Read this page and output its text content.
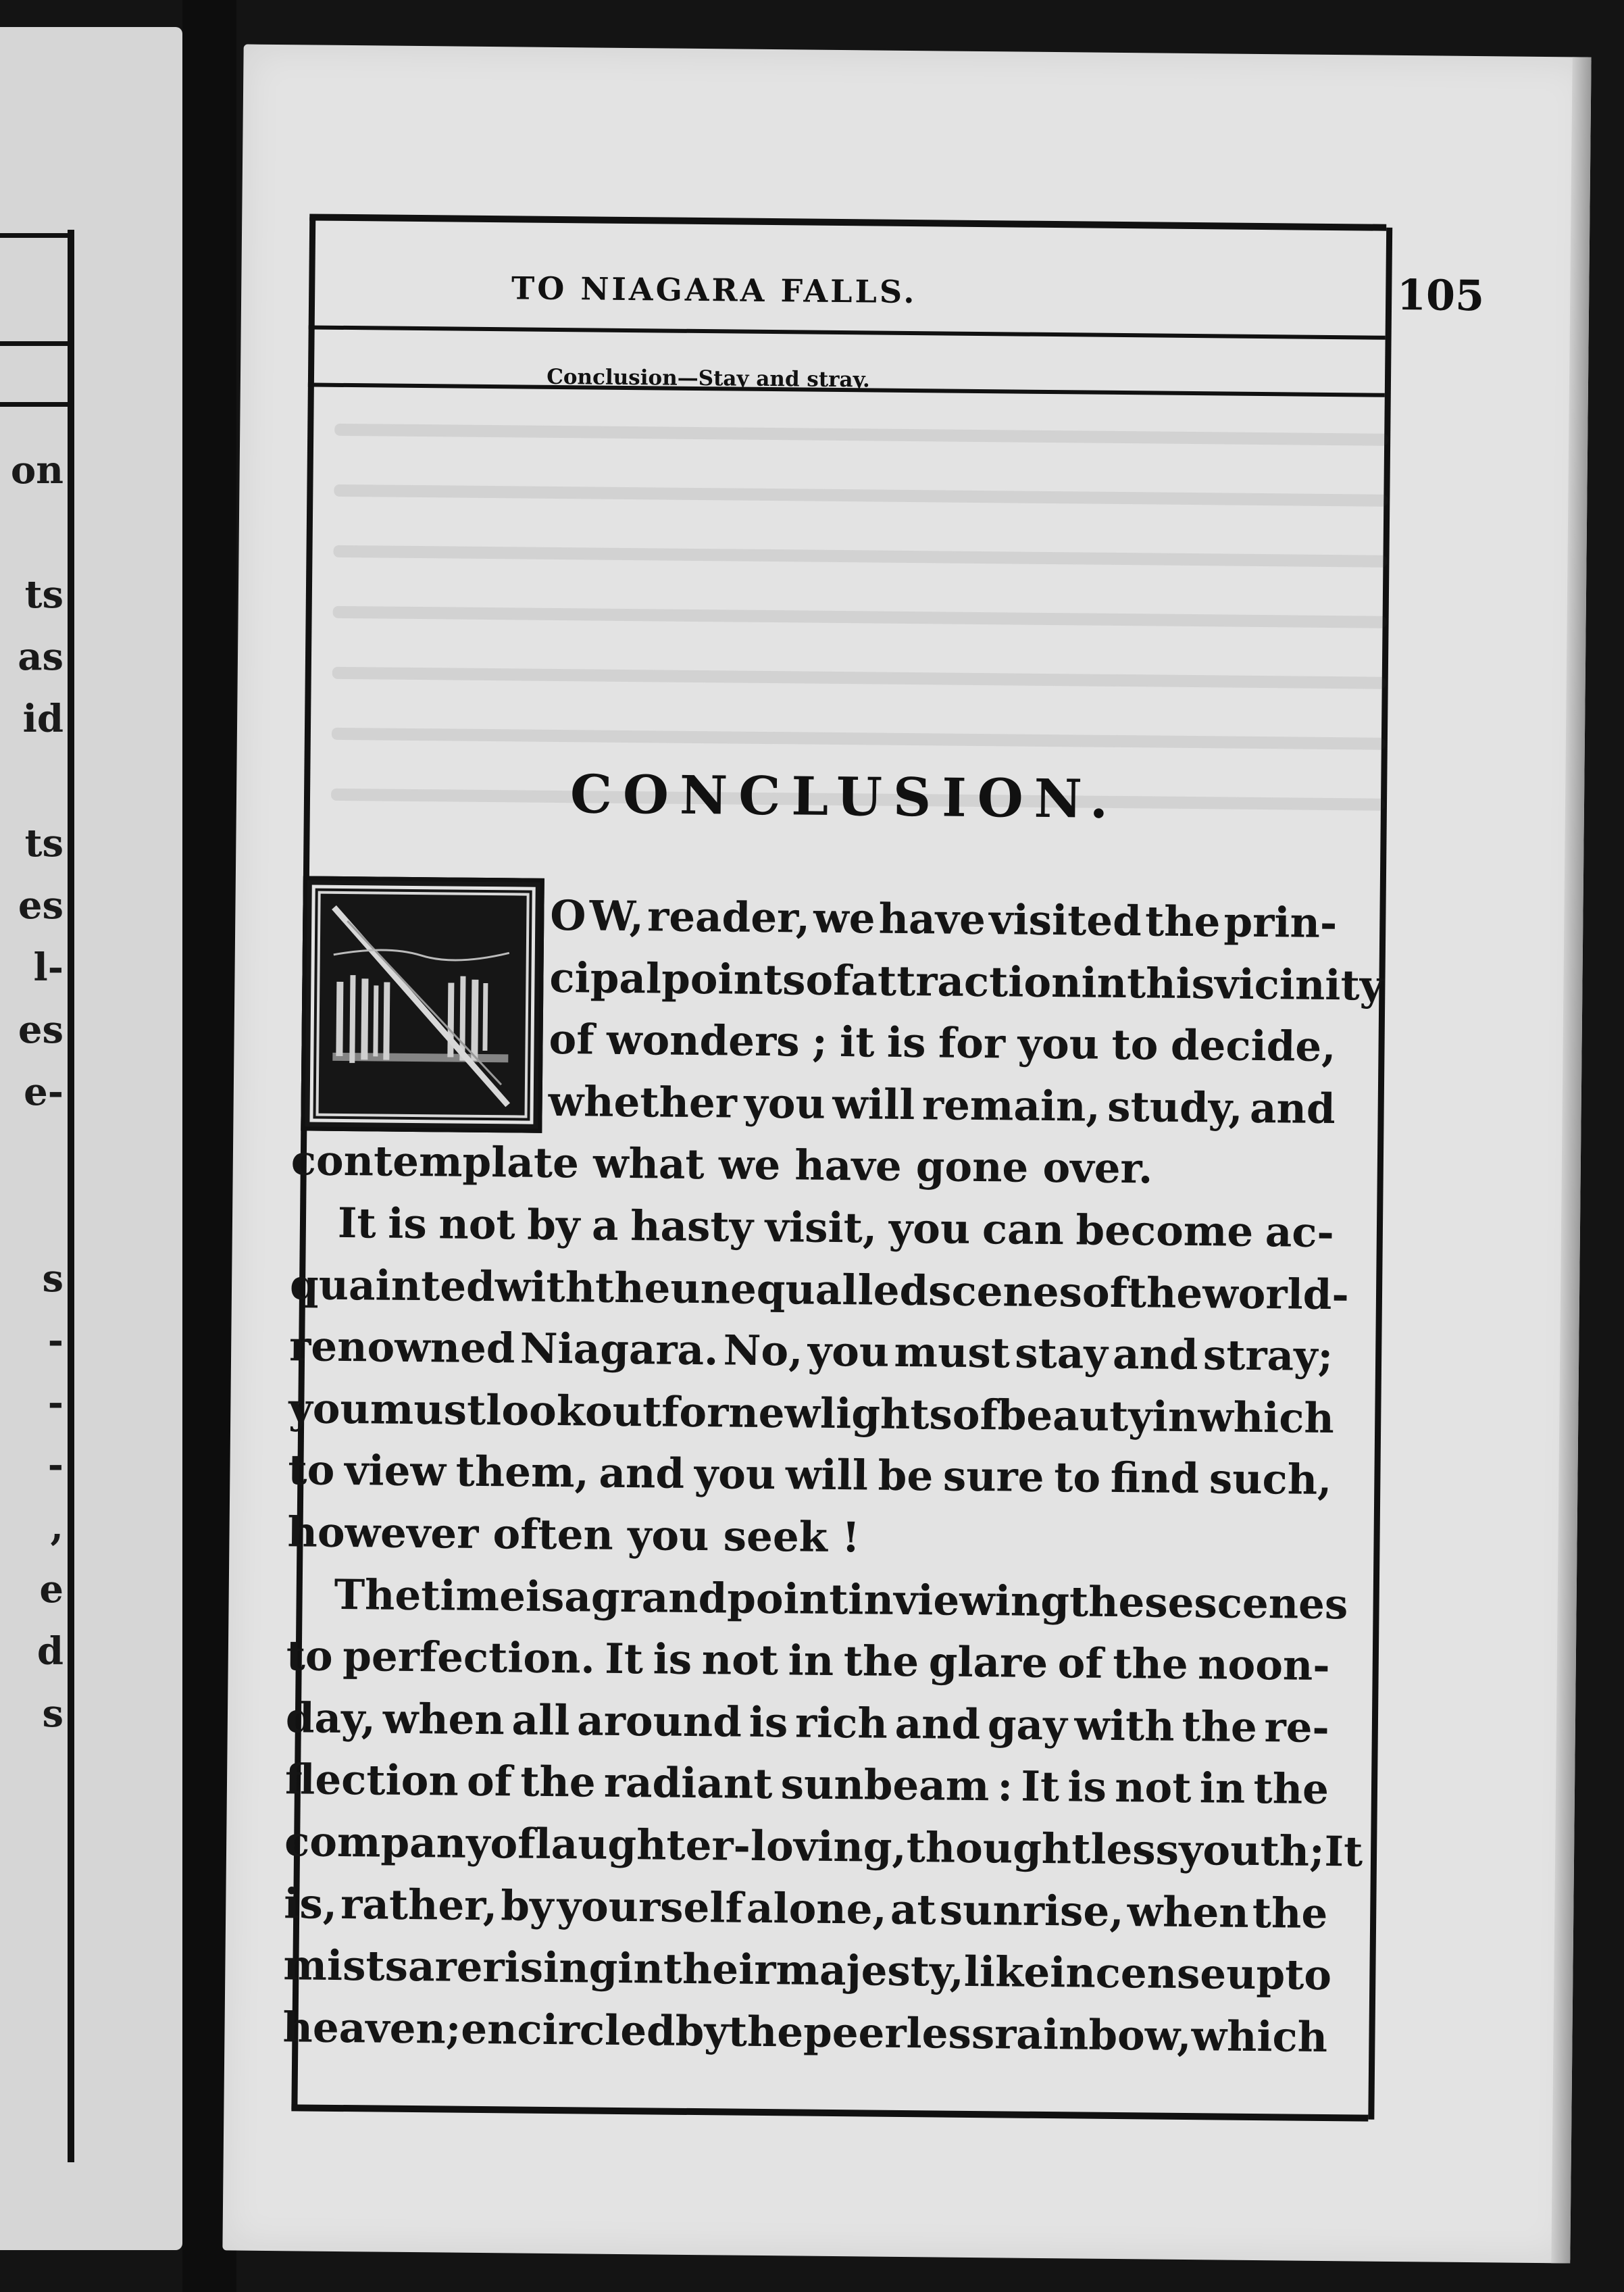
on
ts
as
id
ts
es
l-
es
e-
s
-
-
-
,
e
d
s
TO NIAGARA FALLS.	105
Conclusion—Stay and stray.
CONCLUSION.
O W, reader, we have visited the prin-
cipal points of attraction in this vicinity
of wonders ; it is for you to decide,
whether you will remain, study, and
contemplate what we have gone over.
It is not by a hasty visit, you can become ac-
quainted with the unequalled scenes of the world-
renowned Niagara. No, you must stay and stray;
you must look out for new lights of beauty in which
to view them, and you will be sure to find such,
however often you seek !
The time is a grand point in viewing these scenes
to perfection. It is not in the glare of the noon-
day, when all around is rich and gay with the re-
flection of the radiant sunbeam : It is not in the
company of laughter-loving, thoughtless youth ; It
is, rather, by yourself alone, at sunrise, when the
mists are rising in their majesty, like incense up to
heaven; encircled by the peerless rainbow, which
